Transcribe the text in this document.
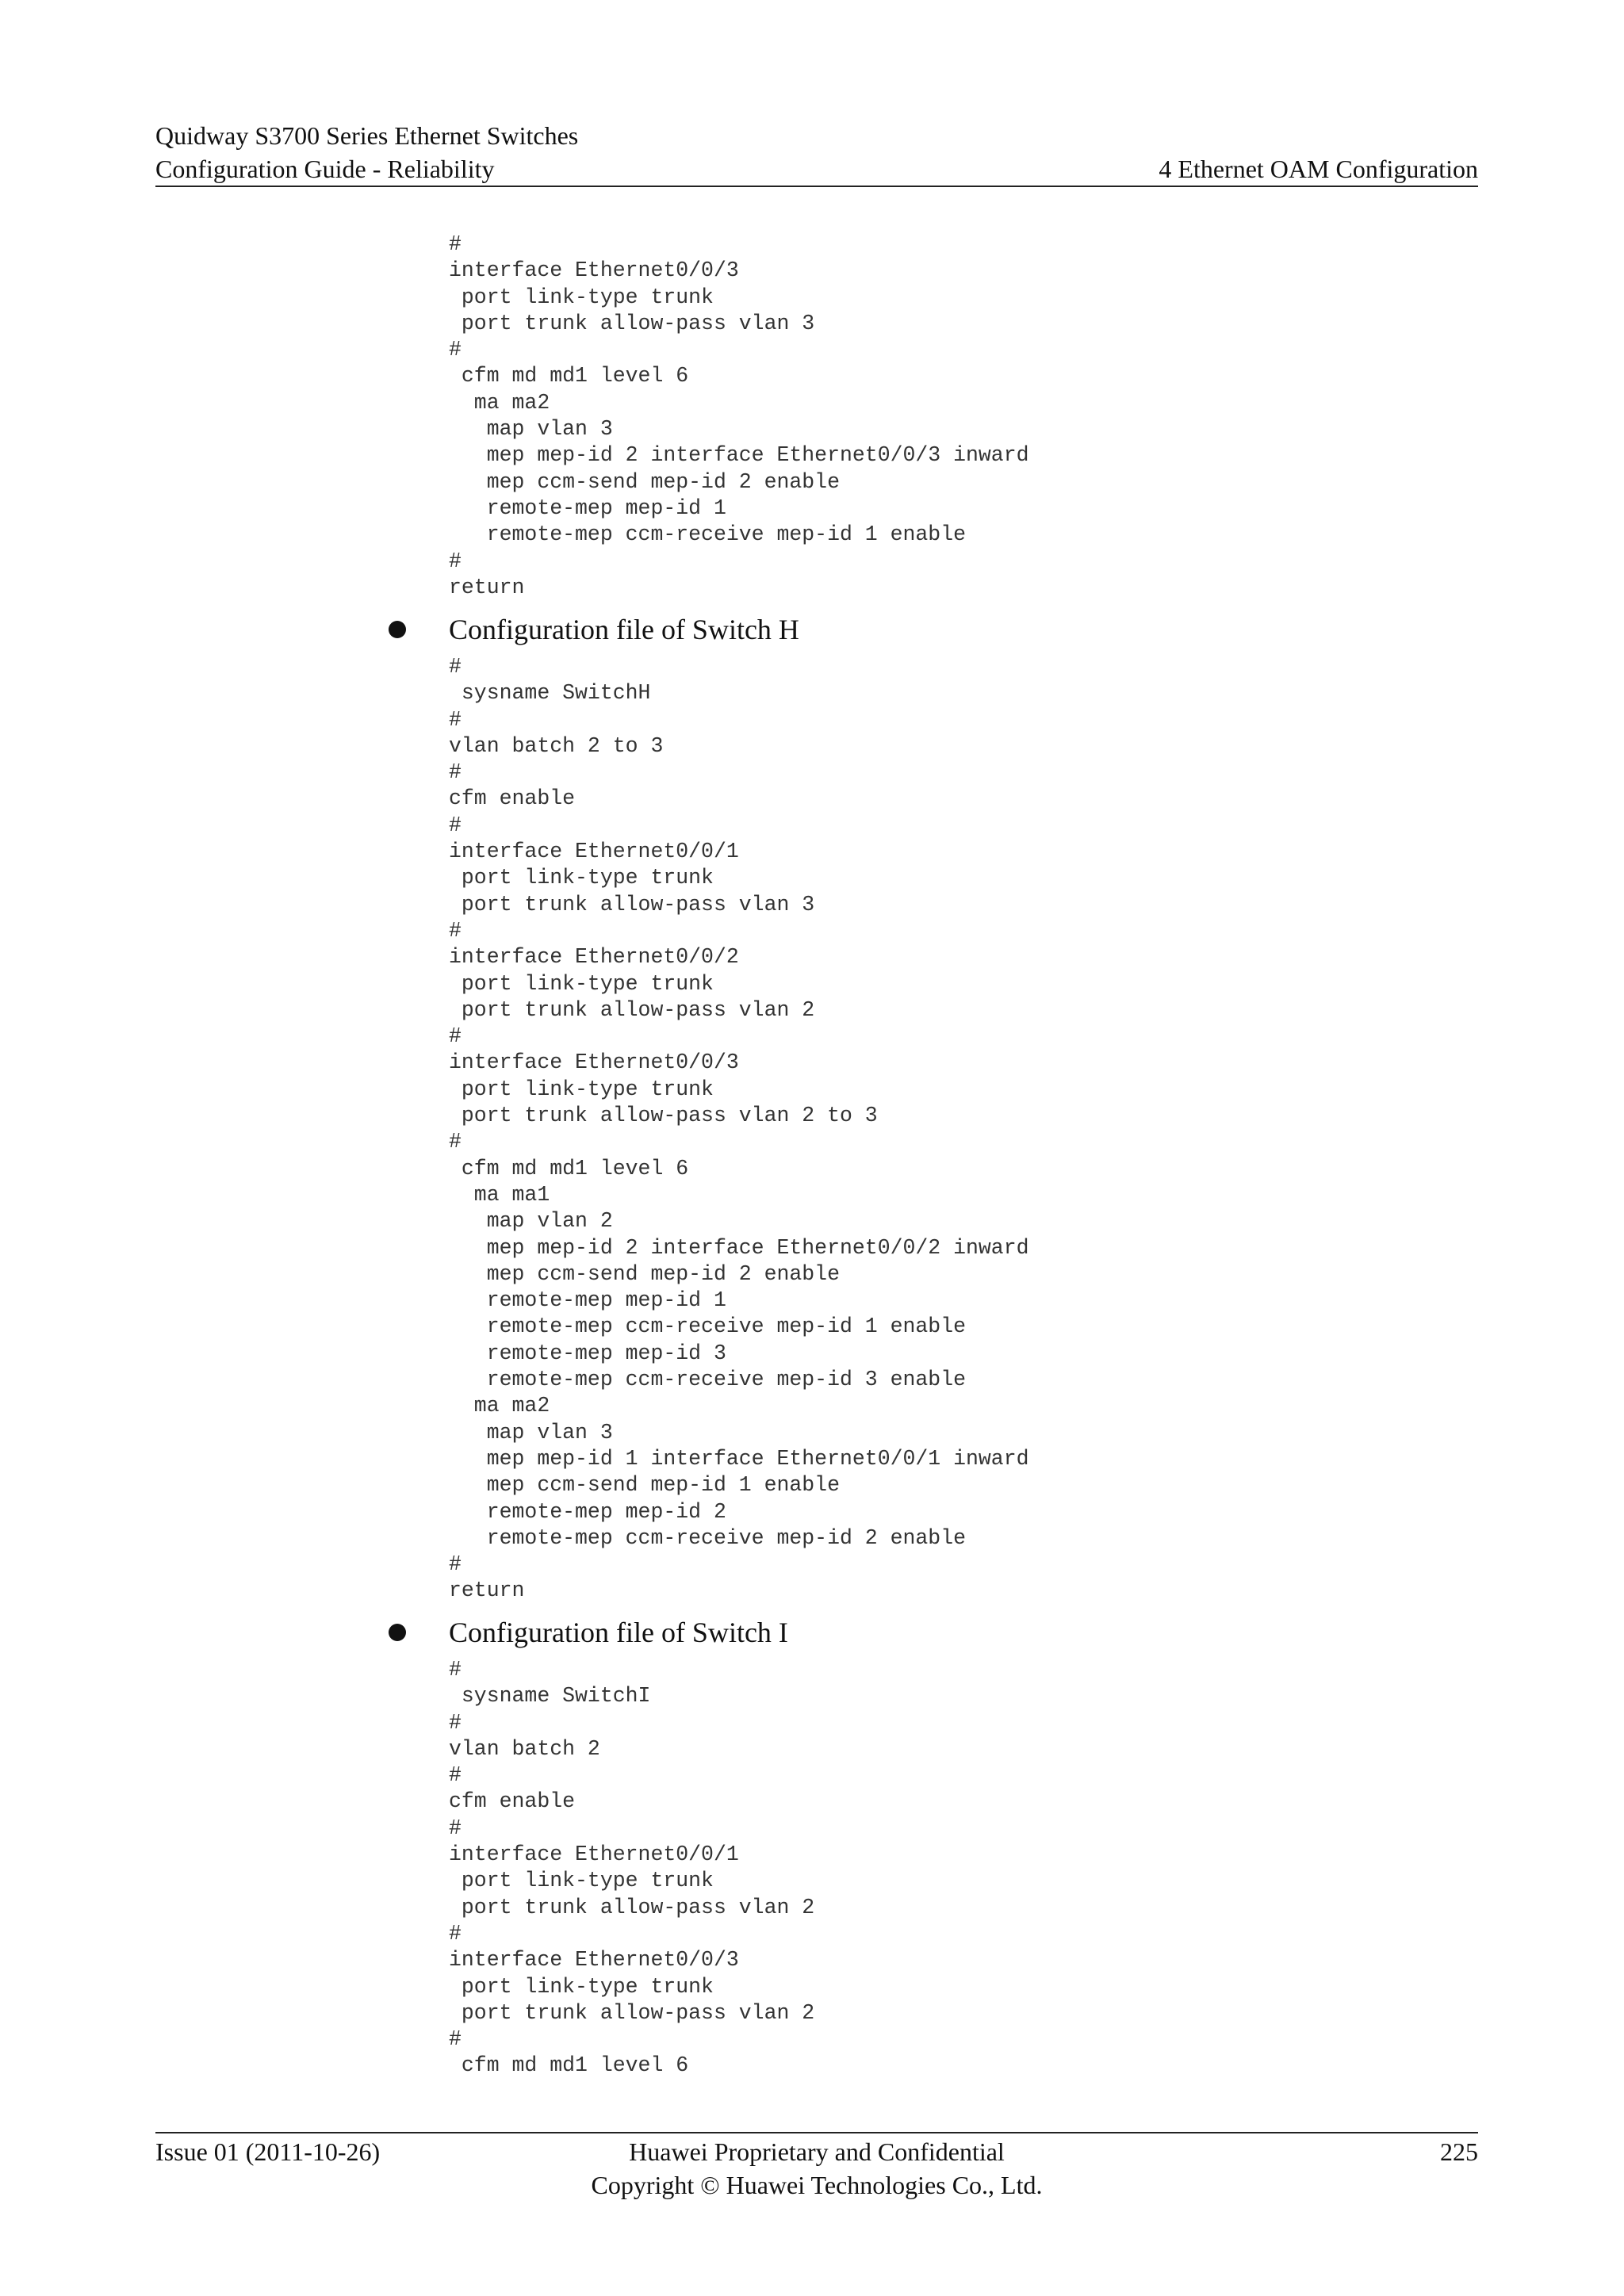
Quidway S3700 Series Ethernet Switches
Configuration Guide - Reliability	4 Ethernet OAM Configuration
#
interface Ethernet0/0/3
port link-type trunk
port trunk allow-pass vlan 3
#
cfm md md1 level 6
ma ma2
map vlan 3
mep mep-id 2 interface Ethernet0/0/3 inward
mep ccm-send mep-id 2 enable
remote-mep mep-id 1
remote-mep ccm-receive mep-id 1 enable
#
return
Configuration file of Switch H
#
sysname SwitchH
#
vlan batch 2 to 3
#
cfm enable
#
interface Ethernet0/0/1
port link-type trunk
port trunk allow-pass vlan 3
#
interface Ethernet0/0/2
port link-type trunk
port trunk allow-pass vlan 2
#
interface Ethernet0/0/3
port link-type trunk
port trunk allow-pass vlan 2 to 3
#
cfm md md1 level 6
ma ma1
map vlan 2
mep mep-id 2 interface Ethernet0/0/2 inward
mep ccm-send mep-id 2 enable
remote-mep mep-id 1
remote-mep ccm-receive mep-id 1 enable
remote-mep mep-id 3
remote-mep ccm-receive mep-id 3 enable
ma ma2
map vlan 3
mep mep-id 1 interface Ethernet0/0/1 inward
mep ccm-send mep-id 1 enable
remote-mep mep-id 2
remote-mep ccm-receive mep-id 2 enable
#
return
Configuration file of Switch I
#
sysname SwitchI
#
vlan batch 2
#
cfm enable
#
interface Ethernet0/0/1
port link-type trunk
port trunk allow-pass vlan 2
#
interface Ethernet0/0/3
port link-type trunk
port trunk allow-pass vlan 2
#
cfm md md1 level 6
Issue 01 (2011-10-26)	Huawei Proprietary and Confidential
Copyright © Huawei Technologies Co., Ltd.
225
